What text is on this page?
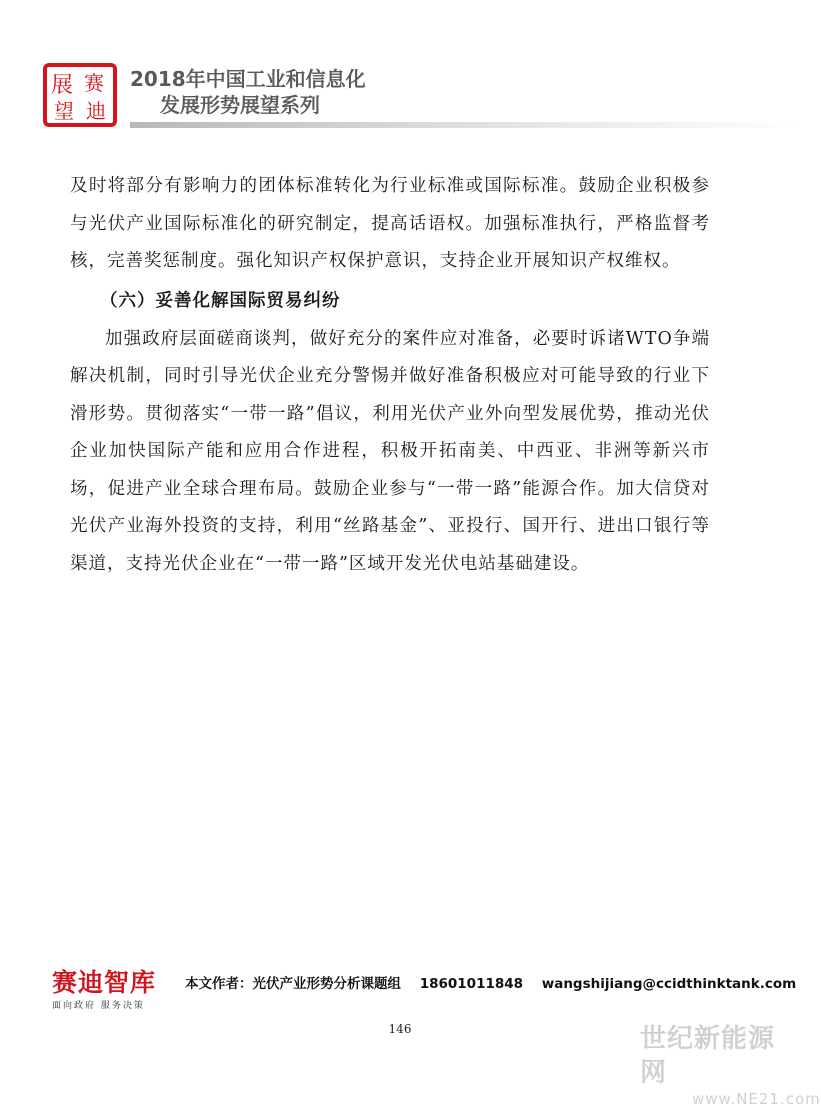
展 赛
望 迪
2018年中国工业和信息化
发展形势展望系列

及时将部分有影响力的团体标准转化为行业标准或国际标准。鼓励企业积极参与光伏产业国际标准化的研究制定，提高话语权。加强标准执行，严格监督考核，完善奖惩制度。强化知识产权保护意识，支持企业开展知识产权维权。

（六）妥善化解国际贸易纠纷

加强政府层面磋商谈判，做好充分的案件应对准备，必要时诉诸WTO争端解决机制，同时引导光伏企业充分警惕并做好准备积极应对可能导致的行业下滑形势。贯彻落实“一带一路”倡议，利用光伏产业外向型发展优势，推动光伏企业加快国际产能和应用合作进程，积极开拓南美、中西亚、非洲等新兴市场，促进产业全球合理布局。鼓励企业参与“一带一路”能源合作。加大信贷对光伏产业海外投资的支持，利用“丝路基金”、亚投行、国开行、进出口银行等渠道，支持光伏企业在“一带一路”区域开发光伏电站基础建设。

赛迪智库
面向政府 服务决策
本文作者：光伏产业形势分析课题组 18601011848 wangshijiang@ccidthinktank.com
146	世纪新能源网
www.NE21.com
